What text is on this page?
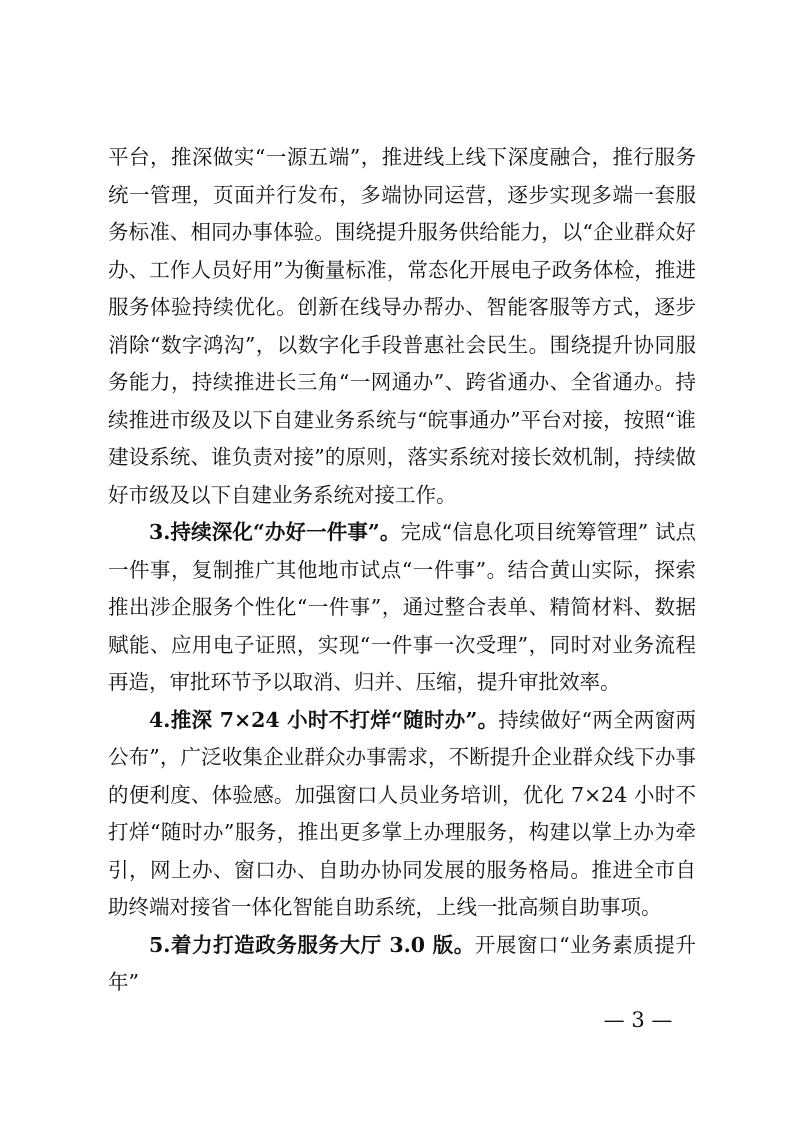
平台，推深做实“一源五端”，推进线上线下深度融合，推行服务统一管理，页面并行发布，多端协同运营，逐步实现多端一套服务标准、相同办事体验。围绕提升服务供给能力，以“企业群众好办、工作人员好用”为衡量标准，常态化开展电子政务体检，推进服务体验持续优化。创新在线导办帮办、智能客服等方式，逐步消除“数字鸿沟”，以数字化手段普惠社会民生。围绕提升协同服务能力，持续推进长三角“一网通办”、跨省通办、全省通办。持续推进市级及以下自建业务系统与“皖事通办”平台对接，按照“谁建设系统、谁负责对接”的原则，落实系统对接长效机制，持续做好市级及以下自建业务系统对接工作。

3.持续深化“办好一件事”。完成“信息化项目统筹管理” 试点一件事，复制推广其他地市试点“一件事”。结合黄山实际，探索推出涉企服务个性化“一件事”，通过整合表单、精简材料、数据赋能、应用电子证照，实现“一件事一次受理”，同时对业务流程再造，审批环节予以取消、归并、压缩，提升审批效率。

4.推深 7×24 小时不打烊“随时办”。持续做好“两全两窗两公布”，广泛收集企业群众办事需求，不断提升企业群众线下办事的便利度、体验感。加强窗口人员业务培训，优化 7×24 小时不打烊“随时办”服务，推出更多掌上办理服务，构建以掌上办为牵引，网上办、窗口办、自助办协同发展的服务格局。推进全市自助终端对接省一体化智能自助系统，上线一批高频自助事项。

5.着力打造政务服务大厅 3.0 版。开展窗口“业务素质提升年”

— 3 —
